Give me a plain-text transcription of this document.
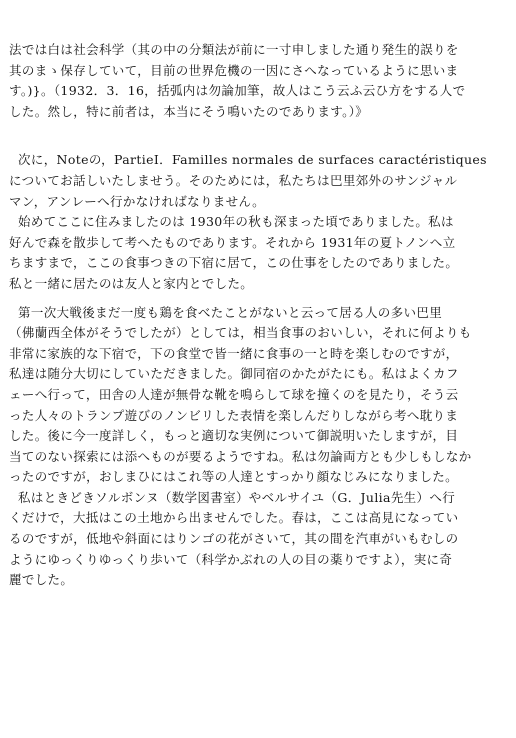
法では白は社会科学（其の中の分類法が前に一寸申しました通り発生的誤りを
其のまゝ保存していて，目前の世界危機の一因にさへなっているように思いま
す。)}。（1932．3．16，括弧内は勿論加筆，故人はこう云ふ云ひ方をする人で
した。然し，特に前者は，本当にそう鳴いたのであります。）》
次に，Noteの，PartieI．Familles normales de surfaces caractéristiques
についてお話しいたしませう。そのためには，私たちは巴里郊外のサンジャル
マン，アンレーへ行かなければなりません。
始めてここに住みましたのは 1930年の秋も深まった頃でありました。私は
好んで森を散歩して考へたものであります。それから 1931年の夏トノンへ立
ちますまで，ここの食事つきの下宿に居て，この仕事をしたのでありました。
私と一緒に居たのは友人と家内とでした。
第一次大戦後まだ一度も鶏を食べたことがないと云って居る人の多い巴里
（佛蘭西全体がそうでしたが）としては，相当食事のおいしい，それに何よりも
非常に家族的な下宿で，下の食堂で皆一緒に食事の一と時を楽しむのですが，
私達は随分大切にしていただきました。御同宿のかたがたにも。私はよくカフ
ェーへ行って，田舎の人達が無骨な靴を鳴らして球を撞くのを見たり，そう云
った人々のトランプ遊びのノンビリした表情を楽しんだりしながら考へ耽りま
した。後に今一度詳しく，もっと適切な実例について御説明いたしますが，目
当てのない探索には添へものが要るようですね。私は勿論両方とも少しもしなか
ったのですが，おしまひにはこれ等の人達とすっかり顔なじみになりました。
私はときどきソルボンヌ（数学図書室）やベルサイユ（G．Julia先生）へ行
くだけで，大抵はこの土地から出ませんでした。春は，ここは高見になってい
るのですが，低地や斜面にはりンゴの花がさいて，其の間を汽車がいもむしの
ようにゆっくりゆっくり歩いて（科学かぶれの人の目の薬りですよ），実に奇
麗でした。
